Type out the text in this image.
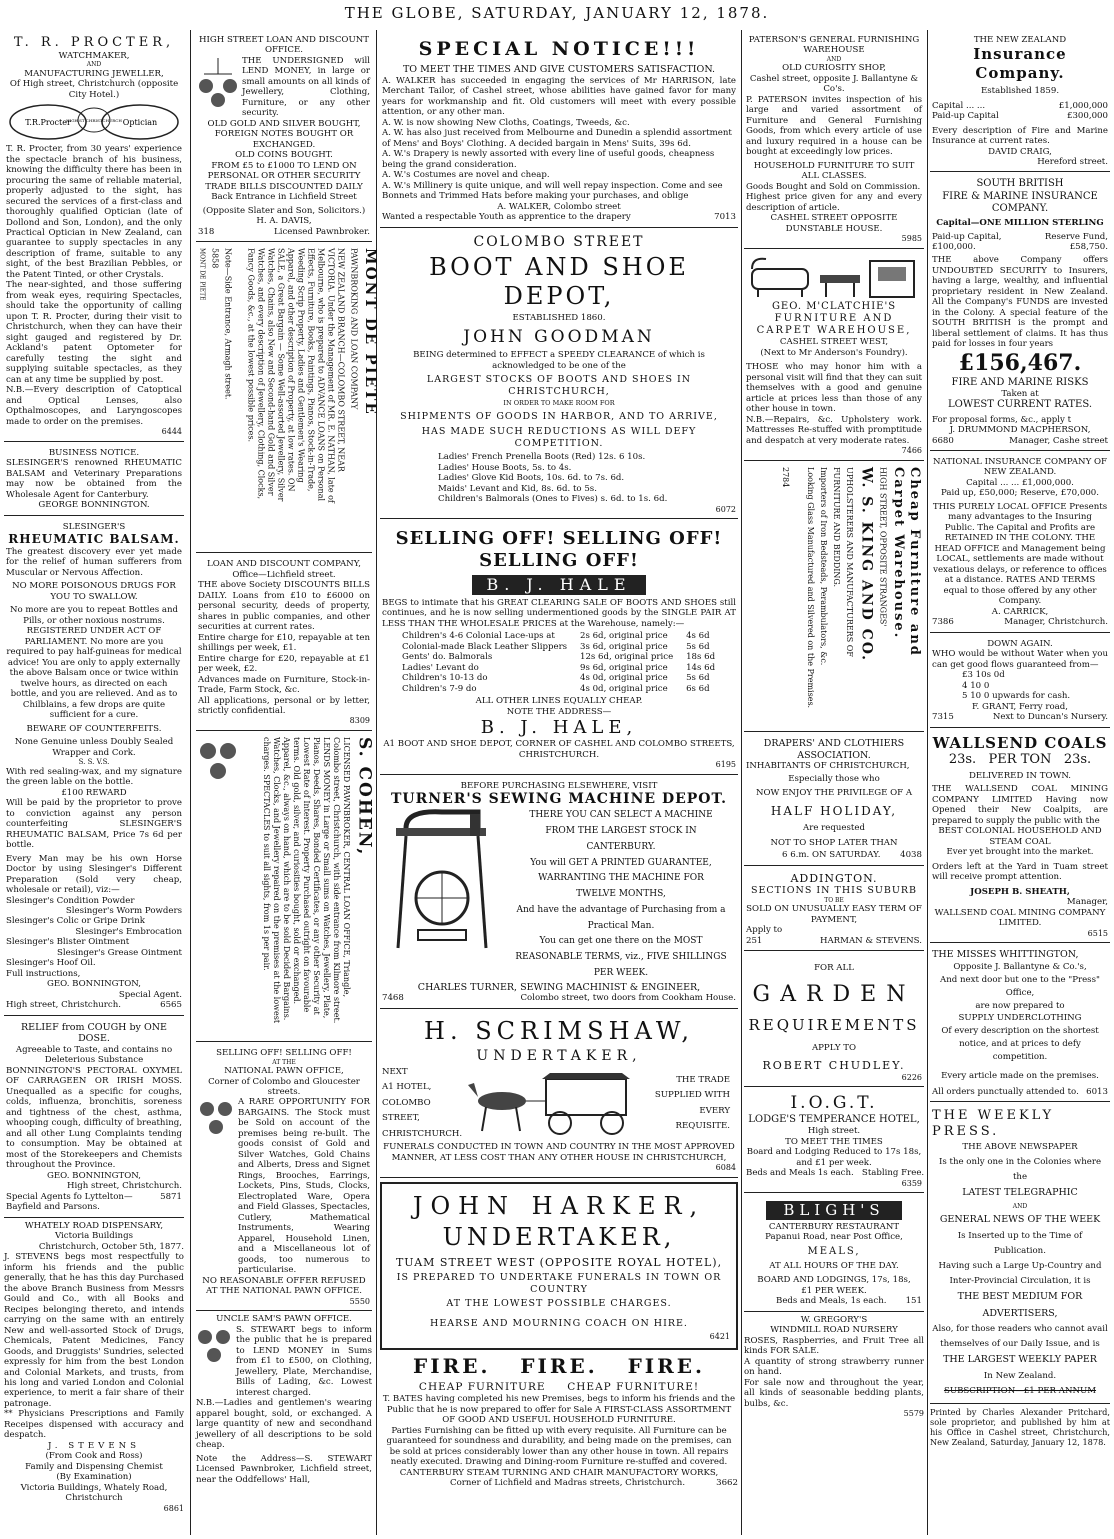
THE GLOBE, SATURDAY, JANUARY 12, 1878.
T. R. PROCTER,
WATCHMAKER,
AND
MANUFACTURING JEWELLER,
Of High street, Christchurch (opposite City Hotel.)
T.R.Procter
HIGH ST CHRISTCHURCH Optician
T. R. Procter, from 30 years' experience the spectacle branch of his business, knowing the difficulty there has been in procuring the same of reliable material, properly adjusted to the sight, has secured the services of a first-class and thoroughly qualified Optician (late of Dollond and Son, London), and the only Practical Optician in New Zealand, can guarantee to supply spectacles in any description of frame, suitable to any sight, of the best Brazilian Pebbles, or the Patent Tinted, or other Crystals.
The near-sighted, and those suffering from weak eyes, requiring Spectacles, should take the opportunity of calling upon T. R. Procter, during their visit to Christchurch, when they can have their sight gauged and registered by Dr. Ackland's patent Optometer for carefully testing the sight and supplying suitable spectacles, as they can at any time be supplied by post.
N.B.—Every description of Catoptical and Optical Lenses, also Opthalmoscopes, and Laryngoscopes made to order on the premises.
6444
BUSINESS NOTICE.
SLESINGER'S renowned RHEUMATIC BALSAM and Veterinary Preparations may now be obtained from the Wholesale Agent for Canterbury.
GEORGE BONNINGTON.
SLESINGER'S
RHEUMATIC BALSAM.
The greatest discovery ever yet made for the relief of human sufferers from Muscular or Nervous Affection.
NO MORE POISONOUS DRUGS FOR YOU TO SWALLOW.
No more are you to repeat Bottles and Pills, or other noxious nostrums. REGISTERED UNDER ACT OF PARLIAMENT. No more are you required to pay half-guineas for medical advice! You are only to apply externally the above Balsam once or twice within twelve hours, as directed on each bottle, and you are relieved. And as to Chilblains, a few drops are quite sufficient for a cure.
BEWARE OF COUNTERFEITS.
None Genuine unless Doubly Sealed Wrapper and Cork.
S. S. V.S.
With red sealing-wax, and my signature the green lable on the bottle.
£100 REWARD
Will be paid by the proprietor to prove to conviction against any person counterfeiting SLESINGER'S RHEUMATIC BALSAM, Price 7s 6d per bottle.
Every Man may be his own Horse Doctor by using Slesinger's Different Preparation (Sold very cheap, wholesale or retail), viz:—
Slesinger's Condition Powder
Slesinger's Worm Powders
Slesinger's Colic or Gripe Drink
Slesinger's Embrocation
Slesinger's Blister Ointment
Slesinger's Grease Ointment
Slesinger's Hoof Oil.
Full instructions,
GEO. BONNINGTON,
Special Agent.
High street, Christchurch.	6565
RELIEF from COUGH by ONE DOSE.
Agreeable to Taste, and contains no Deleterious Substance
BONNINGTON'S PECTORAL OXYMEL OF CARRAGEEN OR IRISH MOSS. Unequalled as a specific for coughs, colds, influenza, bronchitis, soreness and tightness of the chest, asthma, whooping cough, difficulty of breathing, and all other Lung Complaints tending to consumption. May be obtained at most of the Storekeepers and Chemists throughout the Province.
GEO. BONNINGTON,
High street, Christchurch.
Special Agents fo Lyttelton—Bayfield and Parsons.
5871
WHATELY ROAD DISPENSARY,
Victoria Buildings
Christchurch, October 5th, 1877.
J. STEVENS begs most respectfully to inform his friends and the public generally, that he has this day Purchased the above Branch Business from Messrs Gould and Co., with all Books and Recipes belonging thereto, and intends carrying on the same with an entirely New and well-assorted Stock of Drugs, Chemicals, Patent Medicines, Fancy Goods, and Druggists' Sundries, selected expressly for him from the best London and Colonial Markets, and trusts, from his long and varied London and Colonial experience, to merit a fair share of their patronage.
** Physicians Prescriptions and Family Receipes dispensed with accuracy and despatch.
J. STEVENS
(From Cook and Ross)
Family and Dispensing Chemist
(By Examination)
Victoria Buildings, Whately Road, Christchurch
6861
HIGH STREET LOAN AND DISCOUNT OFFICE.
THE UNDERSIGNED will LEND MONEY, in large or small amounts on all kinds of Jewellery, Clothing, Furniture, or any other security.
OLD GOLD AND SILVER BOUGHT, FOREIGN NOTES BOUGHT OR EXCHANGED.
OLD COINS BOUGHT.
FROM £5 to £1000 TO LEND ON PERSONAL OR OTHER SECURITY
TRADE BILLS DISCOUNTED DAILY
Back Entrance in Lichfield Street
(Opposite Slater and Son, Solicitors.)
H. A. DAVIS,
318	Licensed Pawnbroker.
MONT DE PIETE	MONT DE PIETE
PAWNBROKING AND LOAN COMPANY
NEW ZEALAND BRANCH—COLOMBO STREET, NEAR VICTORIA. Under the Management of MR. E. NATHAN, late of Melbourne, who is prepared to ADVANCE LOANS on Personal Effects, Furniture, Books, Paintings, Pianos, Stock-in-Trade, Weeding Scrip Property, Ladies and Gentlemen's Wearing Apparel, and other description of Property, at low rates. ON SALE, a Great Bargain — Some Well-assorted Jewellery, Silver Watches, Chains, also New and Second-hand Gold and Silver Watches, and every description of Jewellery, Clothing, Clocks, Fancy Goods, &c., at the lowest possible prices.
Note—Side Entrance, Armagh street.
5858
LOAN AND DISCOUNT COMPANY,
Office—Lichfield street.
THE above Society DISCOUNTS BILLS DAILY. Loans from £10 to £6000 on personal security, deeds of property, shares in public companies, and other securities at current rates.
Entire charge for £10, repayable at ten shillings per week, £1.
Entire charge for £20, repayable at £1 per week, £2.
Advances made on Furniture, Stock-in-Trade, Farm Stock, &c.
All applications, personal or by letter, strictly confidential.
8309
S. COHEN,
LICENSED PAWNBROKER, CENTRAL LOAN OFFICE, Triangle, Colombo street, Christchurch, with side entrance from Kilmore street. LENDS MONEY in Large or Small sums on Watches, Jewellery, Plate, Pianos, Deeds, Shares, Bonded Certificates, or any other Security at Lowest Rate of Interest. Property Purchased outright on favourable terms. Old gold, silver, and curiosities bought, sold or exchanged. Apparel, &c., always on hand, which are to be sold Decided Bargains. Watches, Clocks, and Jewellery repaired on the premises at the lowest charges. SPECTACLES to suit all sights, from 1s per pair.
SELLING OFF! SELLING OFF!
AT THE
NATIONAL PAWN OFFICE,
Corner of Colombo and Gloucester streets.
A RARE OPPORTUNITY FOR BARGAINS. The Stock must be Sold on account of the premises being re-built. The goods consist of Gold and Silver Watches, Gold Chains and Alberts, Dress and Signet Rings, Brooches, Earrings, Lockets, Pins, Studs, Clocks, Electroplated Ware, Opera and Field Glasses, Spectacles, Cutlery, Mathematical Instruments, Wearing Apparel, Household Linen, and a Miscellaneous lot of goods, too numerous to particularise.
NO REASONABLE OFFER REFUSED AT THE NATIONAL PAWN OFFICE.
5550
UNCLE SAM'S PAWN OFFICE.
S. STEWART begs to inform the public that he is prepared to LEND MONEY in Sums from £1 to £500, on Clothing, Jewellery, Plate, Merchandise, Bills of Lading, &c. Lowest interest charged.
N.B.—Ladies and gentlemen's wearing apparel bought, sold, or exchanged. A large quantity of new and secondhand jewellery of all descriptions to be sold cheap.
Note the Address—S. STEWART Licensed Pawnbroker, Lichfield street, near the Oddfellows' Hall,
SPECIAL NOTICE!!!
TO MEET THE TIMES AND GIVE CUSTOMERS SATISFACTION.
A. WALKER has succeeded in engaging the services of Mr HARRISON, late Merchant Tailor, of Cashel street, whose abilities have gained favor for many years for workmanship and fit. Old customers will meet with every possible attention, or any other man.
A. W. is now showing New Cloths, Coatings, Tweeds, &c.
A. W. has also just received from Melbourne and Dunedin a splendid assortment of Mens' and Boys' Clothing. A decided bargain in Mens' Suits, 39s 6d.
A. W.'s Drapery is newly assorted with every line of useful goods, cheapness being the grand consideration.
A. W.'s Costumes are novel and cheap.
A. W.'s Millinery is quite unique, and will well repay inspection. Come and see Bonnets and Trimmed Hats before making your purchases, and oblige
A. WALKER, Colombo street
Wanted a respectable Youth as apprentice to the drapery	7013
COLOMBO STREET
BOOT AND SHOE DEPOT,
ESTABLISHED 1860.
JOHN GOODMAN
BEING determined to EFFECT a SPEEDY CLEARANCE of which is acknowledged to be one of the
LARGEST STOCKS OF BOOTS AND SHOES IN CHRISTCHURCH,
IN ORDER TO MAKE ROOM FOR
SHIPMENTS OF GOODS IN HARBOR, AND TO ARRIVE,
HAS MADE SUCH REDUCTIONS AS WILL DEFY COMPETITION.
Ladies' French Prenella Boots (Red) 12s. 6 10s.
Ladies' House Boots, 5s. to 4s.
Ladies' Glove Kid Boots, 10s. 6d. to 7s. 6d.
Maids' Levant and Kid, 8s. 6d. to 5s.
Children's Balmorals (Ones to Fives) s. 6d. to 1s. 6d.
6072
SELLING OFF! SELLING OFF! SELLING OFF!
B. J. HALE
BEGS to intimate that his GREAT CLEARING SALE OF BOOTS AND SHOES still continues, and he is now selling undermentioned goods by the SINGLE PAIR AT LESS THAN THE WHOLESALE PRICES at the Warehouse, namely:—
Children's 4-6 Colonial Lace-ups at	2s 6d, original price	4s 6d
Colonial-made Black Leather Slippers 3s 6d, original price	5s 6d
Gents' do. Balmorals	12s 6d, original price 18s 6d
Ladies' Levant do	9s 6d, original price	14s 6d
Children's 10-13 do	4s 0d, original price	5s 6d
Children's 7-9 do	4s 0d, original price	6s 6d
ALL OTHER LINES EQUALLY CHEAP.
NOTE THE ADDRESS—
B. J. HALE,
A1 BOOT AND SHOE DEPOT, CORNER OF CASHEL AND COLOMBO STREETS, CHRISTCHURCH.
6195
BEFORE PURCHASING ELSEWHERE, VISIT
TURNER'S SEWING MACHINE DEPOT.
THERE YOU CAN SELECT A MACHINE
FROM THE LARGEST STOCK IN
CANTERBURY.
You will GET A PRINTED GUARANTEE,
WARRANTING THE MACHINE FOR
TWELVE MONTHS,
And have the advantage of Purchasing from a
Practical Man.
You can get one there on the MOST REASONABLE TERMS, viz., FIVE SHILLINGS PER WEEK.
CHARLES TURNER, SEWING MACHINIST & ENGINEER,
7468	Colombo street, two doors from Cookham House.
H. SCRIMSHAW,
UNDERTAKER,
NEXT
A1 HOTEL,
COLOMBO STREET,
CHRISTCHURCH.
THE TRADE
SUPPLIED WITH
EVERY
REQUISITE.
FUNERALS CONDUCTED IN TOWN AND COUNTRY IN THE MOST APPROVED MANNER, AT LESS COST THAN ANY OTHER HOUSE IN CHRISTCHURCH,
6084
JOHN HARKER,
UNDERTAKER,
TUAM STREET WEST (OPPOSITE ROYAL HOTEL),
IS PREPARED TO UNDERTAKE FUNERALS IN TOWN OR COUNTRY
AT THE LOWEST POSSIBLE CHARGES.
HEARSE AND MOURNING COACH ON HIRE.
6421
FIRE.   FIRE.   FIRE.
CHEAP FURNITURE     CHEAP FURNITURE!
T. BATES having completed his new Premises, begs to inform his friends and the Public that he is now prepared to offer for Sale A FIRST-CLASS ASSORTMENT OF GOOD AND USEFUL HOUSEHOLD FURNITURE.
Parties Furnishing can be fitted up with every requisite. All Furniture can be guaranteed for soundness and durability, and being made on the premises, can be sold at prices considerably lower than any other house in town. All repairs neatly executed. Drawing and Dining-room Furniture re-stuffed and covered.
CANTERBURY STEAM TURNING AND CHAIR MANUFACTORY WORKS,
Corner of Lichfield and Madras streets, Christchurch.	3662
PATERSON'S GENERAL FURNISHING WAREHOUSE
AND
OLD CURIOSITY SHOP,
Cashel street, opposite J. Ballantyne & Co's.
P. PATERSON invites inspection of his large and varied assortment of Furniture and General Furnishing Goods, from which every article of use and luxury required in a house can be bought at exceedingly low prices.
HOUSEHOLD FURNITURE TO SUIT ALL CLASSES.
Goods Bought and Sold on Commission.
Highest price given for any and every description of article.
CASHEL STREET OPPOSITE DUNSTABLE HOUSE.
5985
GEO. M'CLATCHIE'S
FURNITURE AND
CARPET WAREHOUSE,
CASHEL STREET WEST,
(Next to Mr Anderson's Foundry).
THOSE who may honor him with a personal visit will find that they can suit themselves with a good and genuine article at prices less than those of any other house in town.
N.B.—Repairs, &c. Upholstery work. Mattresses Re-stuffed with promptitude and despatch at very moderate rates.
7466
Cheap Furniture and Carpet Warehouse.
HIGH STREET, OPPOSITE STRANGES'
W. S. KING AND CO.
UPHOLSTERERS AND MANUFACTURERS OF
FURNITURE AND BEDDING.
Importers of Iron Bedsteads, Perambulators, &c.
Looking Glass Manufactured and Silvered on the Premises.
2784
DRAPERS' AND CLOTHIERS ASSOCIATION.
INHABITANTS OF CHRISTCHURCH,
Especially those who
NOW ENJOY THE PRIVILEGE OF A
HALF HOLIDAY,
Are requested
NOT TO SHOP LATER THAN
6 6.m. ON SATURDAY. 4038
ADDINGTON.
SECTIONS IN THIS SUBURB
TO BE
SOLD ON UNUSUALLY EASY TERM OF PAYMENT,
Apply to
251	HARMAN & STEVENS.
FOR ALL
GARDEN
REQUIREMENTS
APPLY TO
ROBERT CHUDLEY.
6226
I.O.G.T.
LODGE'S TEMPERANCE HOTEL,
High street.
TO MEET THE TIMES
Board and Lodging Reduced to 17s 18s, and £1 per week.
Beds and Meals 1s each.   Stabling Free.
6359
BLIGH'S
CANTERBURY RESTAURANT
Papanui Road, near Post Office,
MEALS,
AT ALL HOURS OF THE DAY.
BOARD AND LODGINGS, 17s, 18s,
£1 PER WEEK.
Beds and Meals, 1s each. 151
W. GREGORY'S
WINDMILL ROAD NURSERY
ROSES, Raspberries, and Fruit Tree all kinds FOR SALE.
A quantity of strong strawberry runner on hand.
For sale now and throughout the year, all kinds of seasonable bedding plants, bulbs, &c.
5579
THE NEW ZEALAND
Insurance Company.
Established 1859.
Capital ... ...	£1,000,000
Paid-up Capital	£300,000
Every description of Fire and Marine Insurance at current rates.
DAVID CRAIG,
Hereford street.
SOUTH BRITISH
FIRE & MARINE INSURANCE
COMPANY.
Capital—ONE MILLION STERLING
Paid-up Capital,	Reserve Fund,
£100,000.	£58,750.
THE above Company offers UNDOUBTED SECURITY to Insurers, having a large, wealthy, and influential proprietary resident in New Zealand. All the Company's FUNDS are invested in the Colony. A special feature of the SOUTH BRITISH is the prompt and liberal settlement of claims. It has thus paid for losses in four years
£156,467.
FIRE AND MARINE RISKS
Taken at
LOWEST CURRENT RATES.
For proposal forms, &c., apply t
J. DRUMMOND MACPHERSON,
6680	Manager, Cashe street
NATIONAL INSURANCE COMPANY OF NEW ZEALAND.
Capital ... ... £1,000,000.
Paid up, £50,000; Reserve, £70,000.
THIS PURELY LOCAL OFFICE Presents many advantages to the Insuring Public. The Capital and Profits are RETAINED IN THE COLONY. THE HEAD OFFICE and Management being LOCAL, settlements are made without vexatious delays, or reference to offices at a distance. RATES AND TERMS equal to those offered by any other Company.
A. CARRICK,
7386	Manager, Christchurch.
DOWN AGAIN.
WHO would be without Water when you can get good flows guaranteed from—
£3 10s 0d
4 10 0
5 10 0 upwards for cash.
F. GRANT, Ferry road,
7315	Next to Duncan's Nursery.
WALLSEND COALS
23s.   PER TON   23s.
DELIVERED IN TOWN.
THE WALLSEND COAL MINING COMPANY LIMITED Having now Opened their New Coalpits, are prepared to supply the public with the
BEST COLONIAL HOUSEHOLD AND STEAM COAL
Ever yet brought into the market.
Orders left at the Yard in Tuam street will receive prompt attention.
JOSEPH B. SHEATH,
Manager,
WALLSEND COAL MINING COMPANY LIMITED.
6515
THE MISSES WHITTINGTON,
Opposite J. Ballantyne & Co.'s,
And next door but one to the "Press" Office,
are now prepared to
SUPPLY UNDERCLOTHING
Of every description on the shortest notice, and at prices to defy competition.
Every article made on the premises.
All orders punctually attended to. 6013
THE WEEKLY PRESS.
THE ABOVE NEWSPAPER
Is the only one in the Colonies where the
LATEST TELEGRAPHIC
AND
GENERAL NEWS OF THE WEEK
Is Inserted up to the Time of Publication.
Having such a Large Up-Country and Inter-Provincial Circulation, it is
THE BEST MEDIUM FOR ADVERTISERS,
Also, for those readers who cannot avail themselves of our Daily Issue, and is
THE LARGEST WEEKLY PAPER
In New Zealand.
SUBSCRIPTION—£1 PER ANNUM
Printed by Charles Alexander Pritchard, sole proprietor, and published by him at his Office in Cashel street, Christchurch, New Zealand, Saturday, January 12, 1878.
